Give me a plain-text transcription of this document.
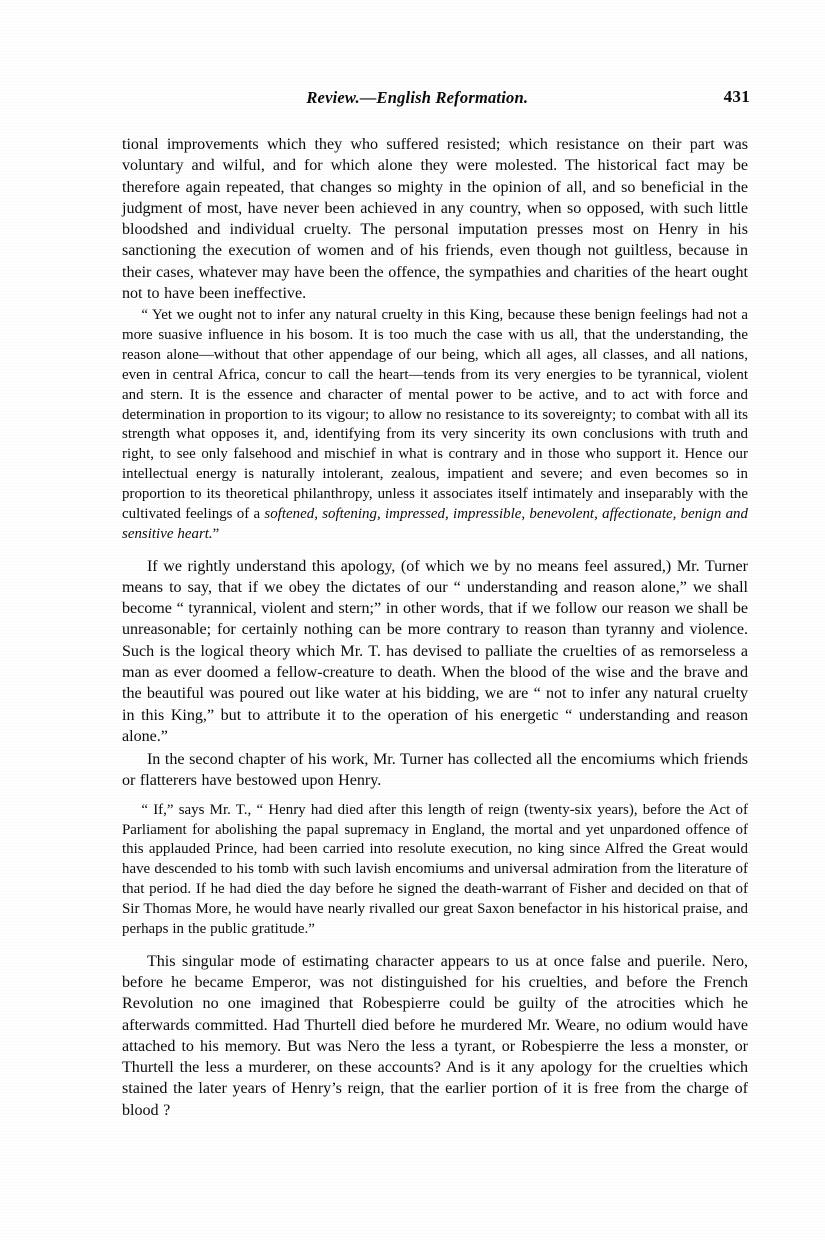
Review.—English Reformation.	431

tional improvements which they who suffered resisted; which resistance on their part was voluntary and wilful, and for which alone they were molested. The historical fact may be therefore again repeated, that changes so mighty in the opinion of all, and so beneficial in the judgment of most, have never been achieved in any country, when so opposed, with such little bloodshed and individual cruelty. The personal imputation presses most on Henry in his sanctioning the execution of women and of his friends, even though not guiltless, because in their cases, whatever may have been the offence, the sympathies and charities of the heart ought not to have been ineffective.

“ Yet we ought not to infer any natural cruelty in this King, because these benign feelings had not a more suasive influence in his bosom. It is too much the case with us all, that the understanding, the reason alone—without that other appendage of our being, which all ages, all classes, and all nations, even in central Africa, concur to call the heart—tends from its very energies to be tyrannical, violent and stern. It is the essence and character of mental power to be active, and to act with force and determination in proportion to its vigour; to allow no resistance to its sovereignty; to combat with all its strength what opposes it, and, identifying from its very sincerity its own conclusions with truth and right, to see only falsehood and mischief in what is contrary and in those who support it. Hence our intellectual energy is naturally intolerant, zealous, impatient and severe; and even becomes so in proportion to its theoretical philanthropy, unless it associates itself intimately and inseparably with the cultivated feelings of a softened, softening, impressed, impressible, benevolent, affectionate, benign and sensitive heart.”

If we rightly understand this apology, (of which we by no means feel assured,) Mr. Turner means to say, that if we obey the dictates of our “ understanding and reason alone,” we shall become “ tyrannical, violent and stern;” in other words, that if we follow our reason we shall be unreasonable; for certainly nothing can be more contrary to reason than tyranny and violence. Such is the logical theory which Mr. T. has devised to palliate the cruelties of as remorseless a man as ever doomed a fellow-creature to death. When the blood of the wise and the brave and the beautiful was poured out like water at his bidding, we are “ not to infer any natural cruelty in this King,” but to attribute it to the operation of his energetic “ understanding and reason alone.”

In the second chapter of his work, Mr. Turner has collected all the encomiums which friends or flatterers have bestowed upon Henry.

“ If,” says Mr. T., “ Henry had died after this length of reign (twenty-six years), before the Act of Parliament for abolishing the papal supremacy in England, the mortal and yet unpardoned offence of this applauded Prince, had been carried into resolute execution, no king since Alfred the Great would have descended to his tomb with such lavish encomiums and universal admiration from the literature of that period. If he had died the day before he signed the death-warrant of Fisher and decided on that of Sir Thomas More, he would have nearly rivalled our great Saxon benefactor in his historical praise, and perhaps in the public gratitude.”

This singular mode of estimating character appears to us at once false and puerile. Nero, before he became Emperor, was not distinguished for his cruelties, and before the French Revolution no one imagined that Robespierre could be guilty of the atrocities which he afterwards committed. Had Thurtell died before he murdered Mr. Weare, no odium would have attached to his memory. But was Nero the less a tyrant, or Robespierre the less a monster, or Thurtell the less a murderer, on these accounts? And is it any apology for the cruelties which stained the later years of Henry’s reign, that the earlier portion of it is free from the charge of blood ?
